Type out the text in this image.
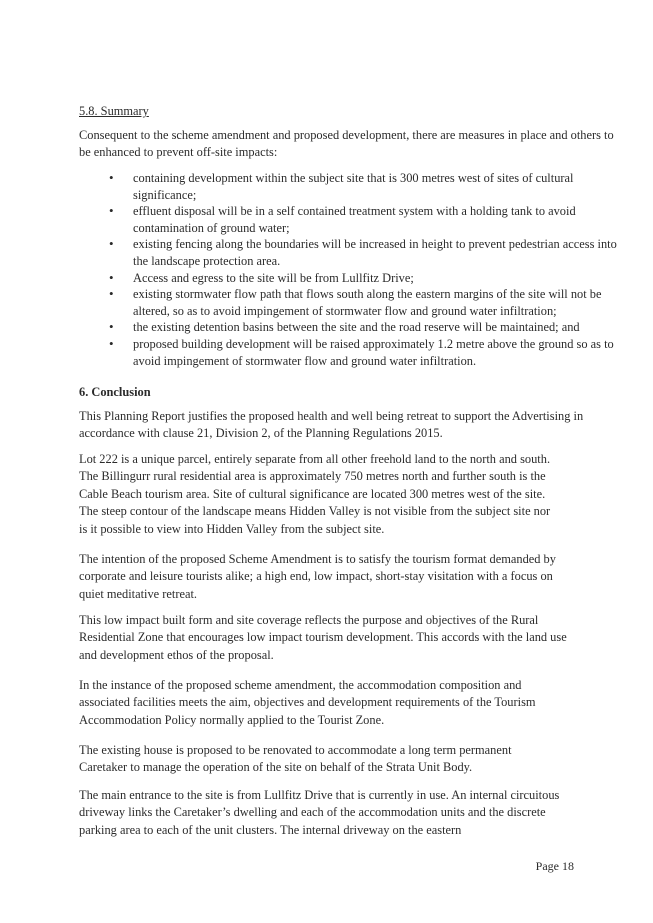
5.8. Summary
Consequent to the scheme amendment and proposed development, there are measures in place and others to be enhanced to prevent off-site impacts:
• containing development within the subject site that is 300 metres west of sites of cultural significance;
• effluent disposal will be in a self contained treatment system with a holding tank to avoid contamination of ground water;
• existing fencing along the boundaries will be increased in height to prevent pedestrian access into the landscape protection area.
• Access and egress to the site will be from Lullfitz Drive;
• existing stormwater flow path that flows south along the eastern margins of the site will not be altered, so as to avoid impingement of stormwater flow and ground water infiltration;
• the existing detention basins between the site and the road reserve will be maintained; and
• proposed building development will be raised approximately 1.2 metre above the ground so as to avoid impingement of stormwater flow and ground water infiltration.
6. Conclusion
This Planning Report justifies the proposed health and well being retreat to support the Advertising in accordance with clause 21, Division 2, of the Planning Regulations 2015.
Lot 222 is a unique parcel, entirely separate from all other freehold land to the north and south. The Billingurr rural residential area is approximately 750 metres north and further south is the Cable Beach tourism area. Site of cultural significance are located 300 metres west of the site. The steep contour of the landscape means Hidden Valley is not visible from the subject site nor is it possible to view into Hidden Valley from the subject site.
The intention of the proposed Scheme Amendment is to satisfy the tourism format demanded by corporate and leisure tourists alike; a high end, low impact, short-stay visitation with a focus on quiet meditative retreat.
This low impact built form and site coverage reflects the purpose and objectives of the Rural Residential Zone that encourages low impact tourism development. This accords with the land use and development ethos of the proposal.
In the instance of the proposed scheme amendment, the accommodation composition and associated facilities meets the aim, objectives and development requirements of the Tourism Accommodation Policy normally applied to the Tourist Zone.
The existing house is proposed to be renovated to accommodate a long term permanent Caretaker to manage the operation of the site on behalf of the Strata Unit Body.
The main entrance to the site is from Lullfitz Drive that is currently in use. An internal circuitous driveway links the Caretaker’s dwelling and each of the accommodation units and the discrete parking area to each of the unit clusters. The internal driveway on the eastern
Page 18
